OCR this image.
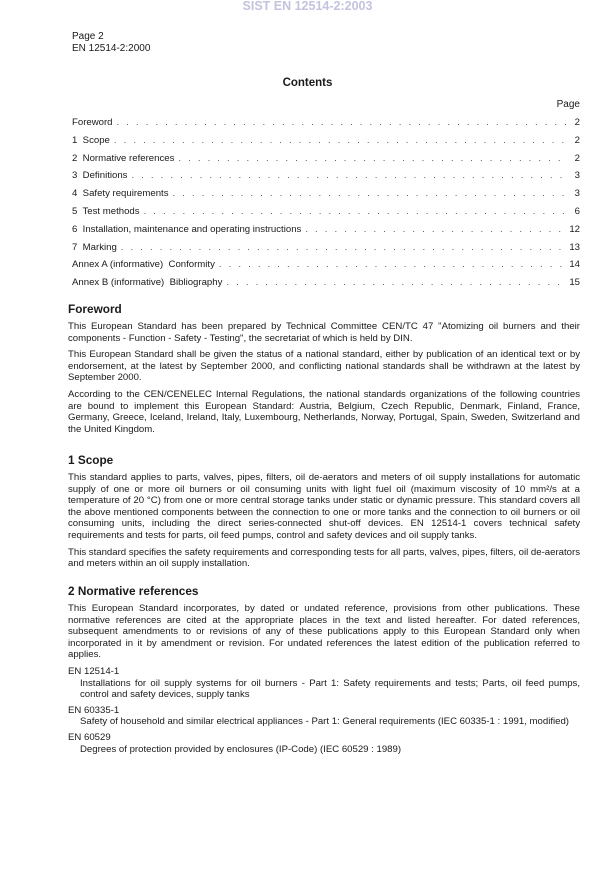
SIST EN 12514-2:2003
Page 2
EN 12514-2:2000
Contents
Page
Foreword . . .	2
1  Scope . . .	2
2  Normative references . . .	2
3  Definitions . . .	3
4  Safety requirements . . .	3
5  Test methods . . .	6
6  Installation, maintenance and operating instructions . . .	12
7  Marking . . .	13
Annex A (informative)  Conformity . . .	14
Annex B (informative)  Bibliography . . .	15
Foreword

This European Standard has been prepared by Technical Committee CEN/TC 47 "Atomizing oil burners and their components - Function - Safety - Testing", the secretariat of which is held by DIN.

This European Standard shall be given the status of a national standard, either by publication of an identical text or by endorsement, at the latest by September 2000, and conflicting national standards shall be withdrawn at the latest by September 2000.

According to the CEN/CENELEC Internal Regulations, the national standards organizations of the following countries are bound to implement this European Standard: Austria, Belgium, Czech Republic, Denmark, Finland, France, Germany, Greece, Iceland, Ireland, Italy, Luxembourg, Netherlands, Norway, Portugal, Spain, Sweden, Switzerland and the United Kingdom.

1 Scope

This standard applies to parts, valves, pipes, filters, oil de-aerators and meters of oil supply installations for automatic supply of one or more oil burners or oil consuming units with light fuel oil (maximum viscosity of 10 mm²/s at a temperature of 20 °C) from one or more central storage tanks under static or dynamic pressure. This standard covers all the above mentioned components between the connection to one or more tanks and the connection to oil burners or oil consuming units, including the direct series-connected shut-off devices. EN 12514-1 covers technical safety requirements and tests for parts, oil feed pumps, control and safety devices and oil supply tanks.

This standard specifies the safety requirements and corresponding tests for all parts, valves, pipes, filters, oil de-aerators and meters within an oil supply installation.

2 Normative references

This European Standard incorporates, by dated or undated reference, provisions from other publications. These normative references are cited at the appropriate places in the text and listed hereafter. For dated references, subsequent amendments to or revisions of any of these publications apply to this European Standard only when incorporated in it by amendment or revision. For undated references the latest edition of the publication referred to applies.

EN 12514-1
Installations for oil supply systems for oil burners - Part 1: Safety requirements and tests; Parts, oil feed pumps, control and safety devices, supply tanks
EN 60335-1
Safety of household and similar electrical appliances - Part 1: General requirements (IEC 60335-1 : 1991, modified)
EN 60529
Degrees of protection provided by enclosures (IP-Code) (IEC 60529 : 1989)
